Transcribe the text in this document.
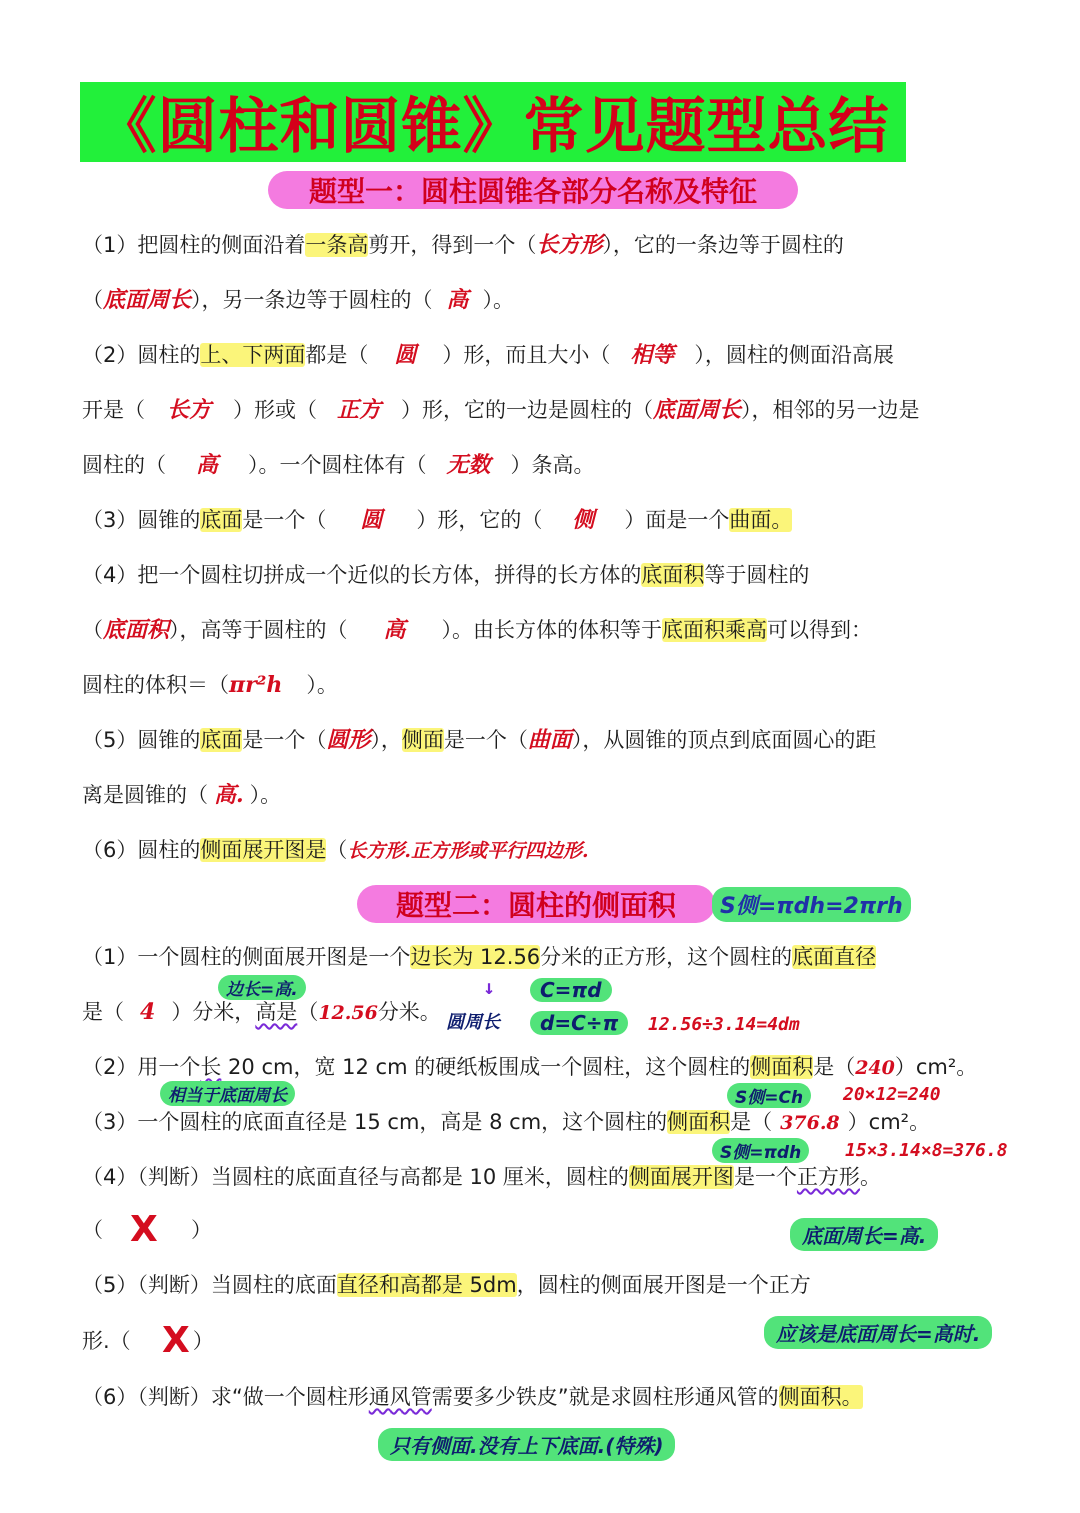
《圆柱和圆锥》常见题型总结
题型一：圆柱圆锥各部分名称及特征
（1）把圆柱的侧面沿着一条高剪开，得到一个（长方形），它的一条边等于圆柱的
（底面周长），另一条边等于圆柱的（ 高 ）。
（2）圆柱的上、下两面都是（ 圆 ）形，而且大小（ 相等 ），圆柱的侧面沿高展
开是（ 长方 ）形或（ 正方 ）形，它的一边是圆柱的（底面周长），相邻的另一边是
圆柱的（ 高 ）。一个圆柱体有（ 无数 ）条高。
（3）圆锥的底面是一个（ 圆 ）形，它的（ 侧 ）面是一个曲面。
（4）把一个圆柱切拼成一个近似的长方体，拼得的长方体的底面积等于圆柱的
（底面积），高等于圆柱的（ 高 ）。由长方体的体积等于底面积乘高可以得到：
圆柱的体积＝（πr²h ）。
（5）圆锥的底面是一个（圆形），侧面是一个（曲面），从圆锥的顶点到底面圆心的距
离是圆锥的（ 高. ）。
（6）圆柱的侧面展开图是（长方形.正方形或平行四边形.
题型二：圆柱的侧面积	S侧=πdh=2πrh
（1）一个圆柱的侧面展开图是一个边长为 12.56分米的正方形，这个圆柱的底面直径
边长=高.
是（ 4 ）分米，高是（12.56分米。
↓
圆周长
C=πd
d=C÷π	12.56÷3.14=4dm
（2）用一个长 20 cm，宽 12 cm 的硬纸板围成一个圆柱，这个圆柱的侧面积是（240）cm²。
相当于底面周长	S侧=Ch	20×12=240
（3）一个圆柱的底面直径是 15 cm，高是 8 cm，这个圆柱的侧面积是（ 376.8 ）cm²。
S侧=πdh	15×3.14×8=376.8
（4）（判断）当圆柱的底面直径与高都是 10 厘米，圆柱的侧面展开图是一个正方形。
（	）
X	底面周长=高.
（5）（判断）当圆柱的底面直径和高都是 5dm，圆柱的侧面展开图是一个正方
形.（	）
X	应该是底面周长=高时.
（6）（判断）求“做一个圆柱形通风管需要多少铁皮”就是求圆柱形通风管的侧面积。
只有侧面.没有上下底面.(特殊)
